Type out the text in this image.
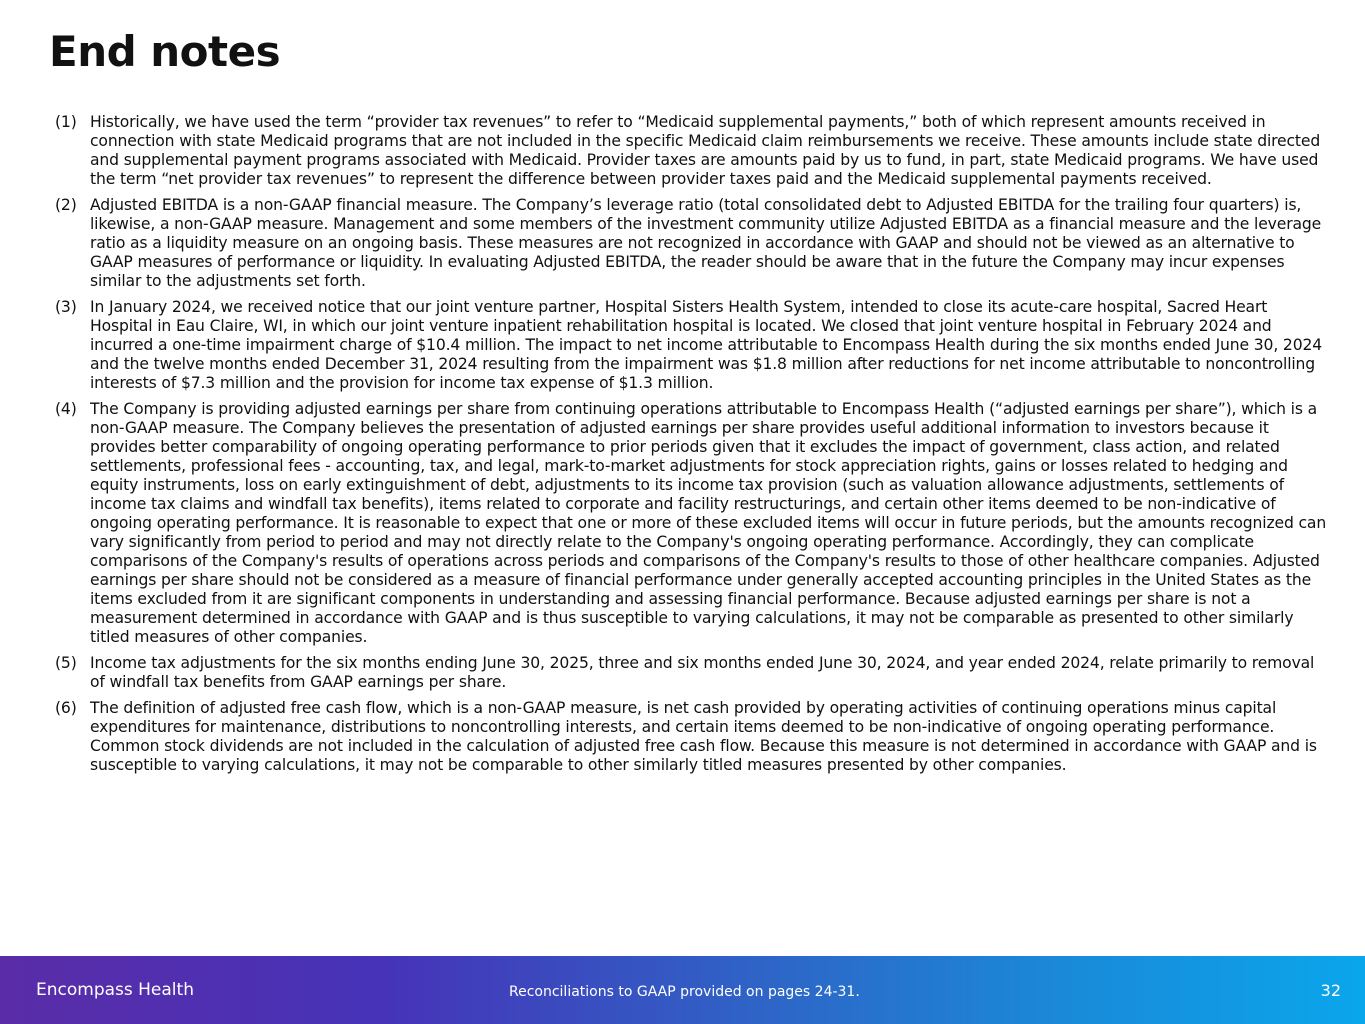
End notes
(1) Historically, we have used the term “provider tax revenues” to refer to “Medicaid supplemental payments,” both of which represent amounts received in connection with state Medicaid programs that are not included in the specific Medicaid claim reimbursements we receive. These amounts include state directed and supplemental payment programs associated with Medicaid. Provider taxes are amounts paid by us to fund, in part, state Medicaid programs. We have used the term “net provider tax revenues” to represent the difference between provider taxes paid and the Medicaid supplemental payments received.
(2) Adjusted EBITDA is a non-GAAP financial measure. The Company’s leverage ratio (total consolidated debt to Adjusted EBITDA for the trailing four quarters) is, likewise, a non-GAAP measure. Management and some members of the investment community utilize Adjusted EBITDA as a financial measure and the leverage ratio as a liquidity measure on an ongoing basis. These measures are not recognized in accordance with GAAP and should not be viewed as an alternative to GAAP measures of performance or liquidity. In evaluating Adjusted EBITDA, the reader should be aware that in the future the Company may incur expenses similar to the adjustments set forth.
(3) In January 2024, we received notice that our joint venture partner, Hospital Sisters Health System, intended to close its acute-care hospital, Sacred Heart Hospital in Eau Claire, WI, in which our joint venture inpatient rehabilitation hospital is located. We closed that joint venture hospital in February 2024 and incurred a one-time impairment charge of $10.4 million. The impact to net income attributable to Encompass Health during the six months ended June 30, 2024 and the twelve months ended December 31, 2024 resulting from the impairment was $1.8 million after reductions for net income attributable to noncontrolling interests of $7.3 million and the provision for income tax expense of $1.3 million.
(4) The Company is providing adjusted earnings per share from continuing operations attributable to Encompass Health (“adjusted earnings per share”), which is a non-GAAP measure. The Company believes the presentation of adjusted earnings per share provides useful additional information to investors because it provides better comparability of ongoing operating performance to prior periods given that it excludes the impact of government, class action, and related settlements, professional fees - accounting, tax, and legal, mark-to-market adjustments for stock appreciation rights, gains or losses related to hedging and equity instruments, loss on early extinguishment of debt, adjustments to its income tax provision (such as valuation allowance adjustments, settlements of income tax claims and windfall tax benefits), items related to corporate and facility restructurings, and certain other items deemed to be non-indicative of ongoing operating performance. It is reasonable to expect that one or more of these excluded items will occur in future periods, but the amounts recognized can vary significantly from period to period and may not directly relate to the Company's ongoing operating performance. Accordingly, they can complicate comparisons of the Company's results of operations across periods and comparisons of the Company's results to those of other healthcare companies. Adjusted earnings per share should not be considered as a measure of financial performance under generally accepted accounting principles in the United States as the items excluded from it are significant components in understanding and assessing financial performance. Because adjusted earnings per share is not a measurement determined in accordance with GAAP and is thus susceptible to varying calculations, it may not be comparable as presented to other similarly titled measures of other companies.
(5) Income tax adjustments for the six months ending June 30, 2025, three and six months ended June 30, 2024, and year ended 2024, relate primarily to removal of windfall tax benefits from GAAP earnings per share.
(6) The definition of adjusted free cash flow, which is a non-GAAP measure, is net cash provided by operating activities of continuing operations minus capital expenditures for maintenance, distributions to noncontrolling interests, and certain items deemed to be non-indicative of ongoing operating performance. Common stock dividends are not included in the calculation of adjusted free cash flow. Because this measure is not determined in accordance with GAAP and is susceptible to varying calculations, it may not be comparable to other similarly titled measures presented by other companies.
Encompass Health	Reconciliations to GAAP provided on pages 24-31.	32
